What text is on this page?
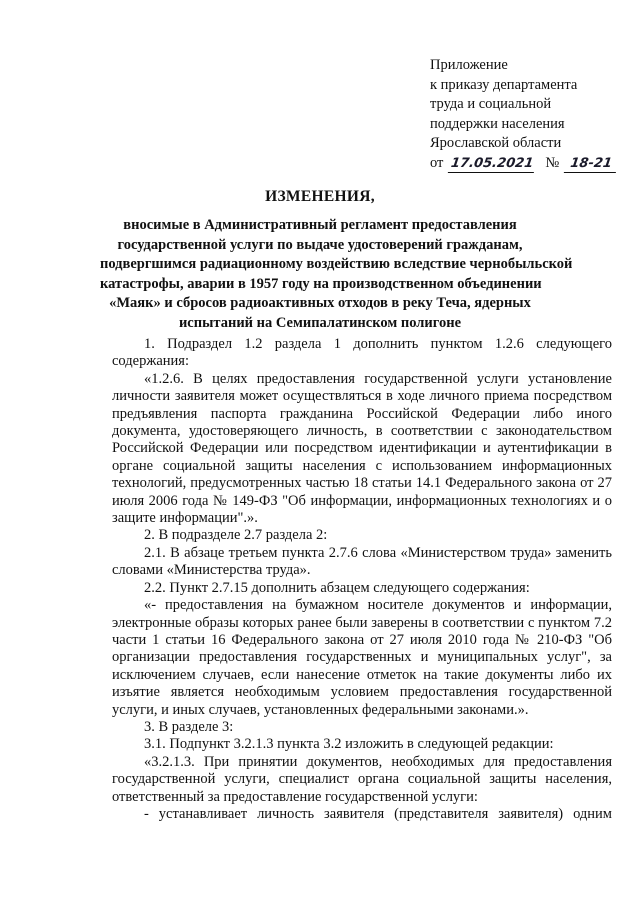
Приложение
к приказу департамента
труда и социальной
поддержки населения
Ярославской области
от 17.05.2021 № 18-21
ИЗМЕНЕНИЯ,
вносимые в Административный регламент предоставления
государственной услуги по выдаче удостоверений гражданам,
подвергшимся радиационному воздействию вследствие чернобыльской
катастрофы, аварии в 1957 году на производственном объединении
«Маяк» и сбросов радиоактивных отходов в реку Теча, ядерных
испытаний на Семипалатинском полигоне

1. Подраздел 1.2 раздела 1 дополнить пунктом 1.2.6 следующего содержания:

«1.2.6. В целях предоставления государственной услуги установление личности заявителя может осуществляться в ходе личного приема посредством предъявления паспорта гражданина Российской Федерации либо иного документа, удостоверяющего личность, в соответствии с законодательством Российской Федерации или посредством идентификации и аутентификации в органе социальной защиты населения с использованием информационных технологий, предусмотренных частью 18 статьи 14.1 Федерального закона от 27 июля 2006 года № 149-ФЗ "Об информации, информационных технологиях и о защите информации".».

2. В подразделе 2.7 раздела 2:

2.1. В абзаце третьем пункта 2.7.6 слова «Министерством труда» заменить словами «Министерства труда».

2.2. Пункт 2.7.15 дополнить абзацем следующего содержания:

«- предоставления на бумажном носителе документов и информации, электронные образы которых ранее были заверены в соответствии с пунктом 7.2 части 1 статьи 16 Федерального закона от 27 июля 2010 года № 210-ФЗ "Об организации предоставления государственных и муниципальных услуг", за исключением случаев, если нанесение отметок на такие документы либо их изъятие является необходимым условием предоставления государственной услуги, и иных случаев, установленных федеральными законами.».

3. В разделе 3:

3.1. Подпункт 3.2.1.3 пункта 3.2 изложить в следующей редакции:

«3.2.1.3. При принятии документов, необходимых для предоставления государственной услуги, специалист органа социальной защиты населения, ответственный за предоставление государственной услуги:

- устанавливает личность заявителя (представителя заявителя) одним
